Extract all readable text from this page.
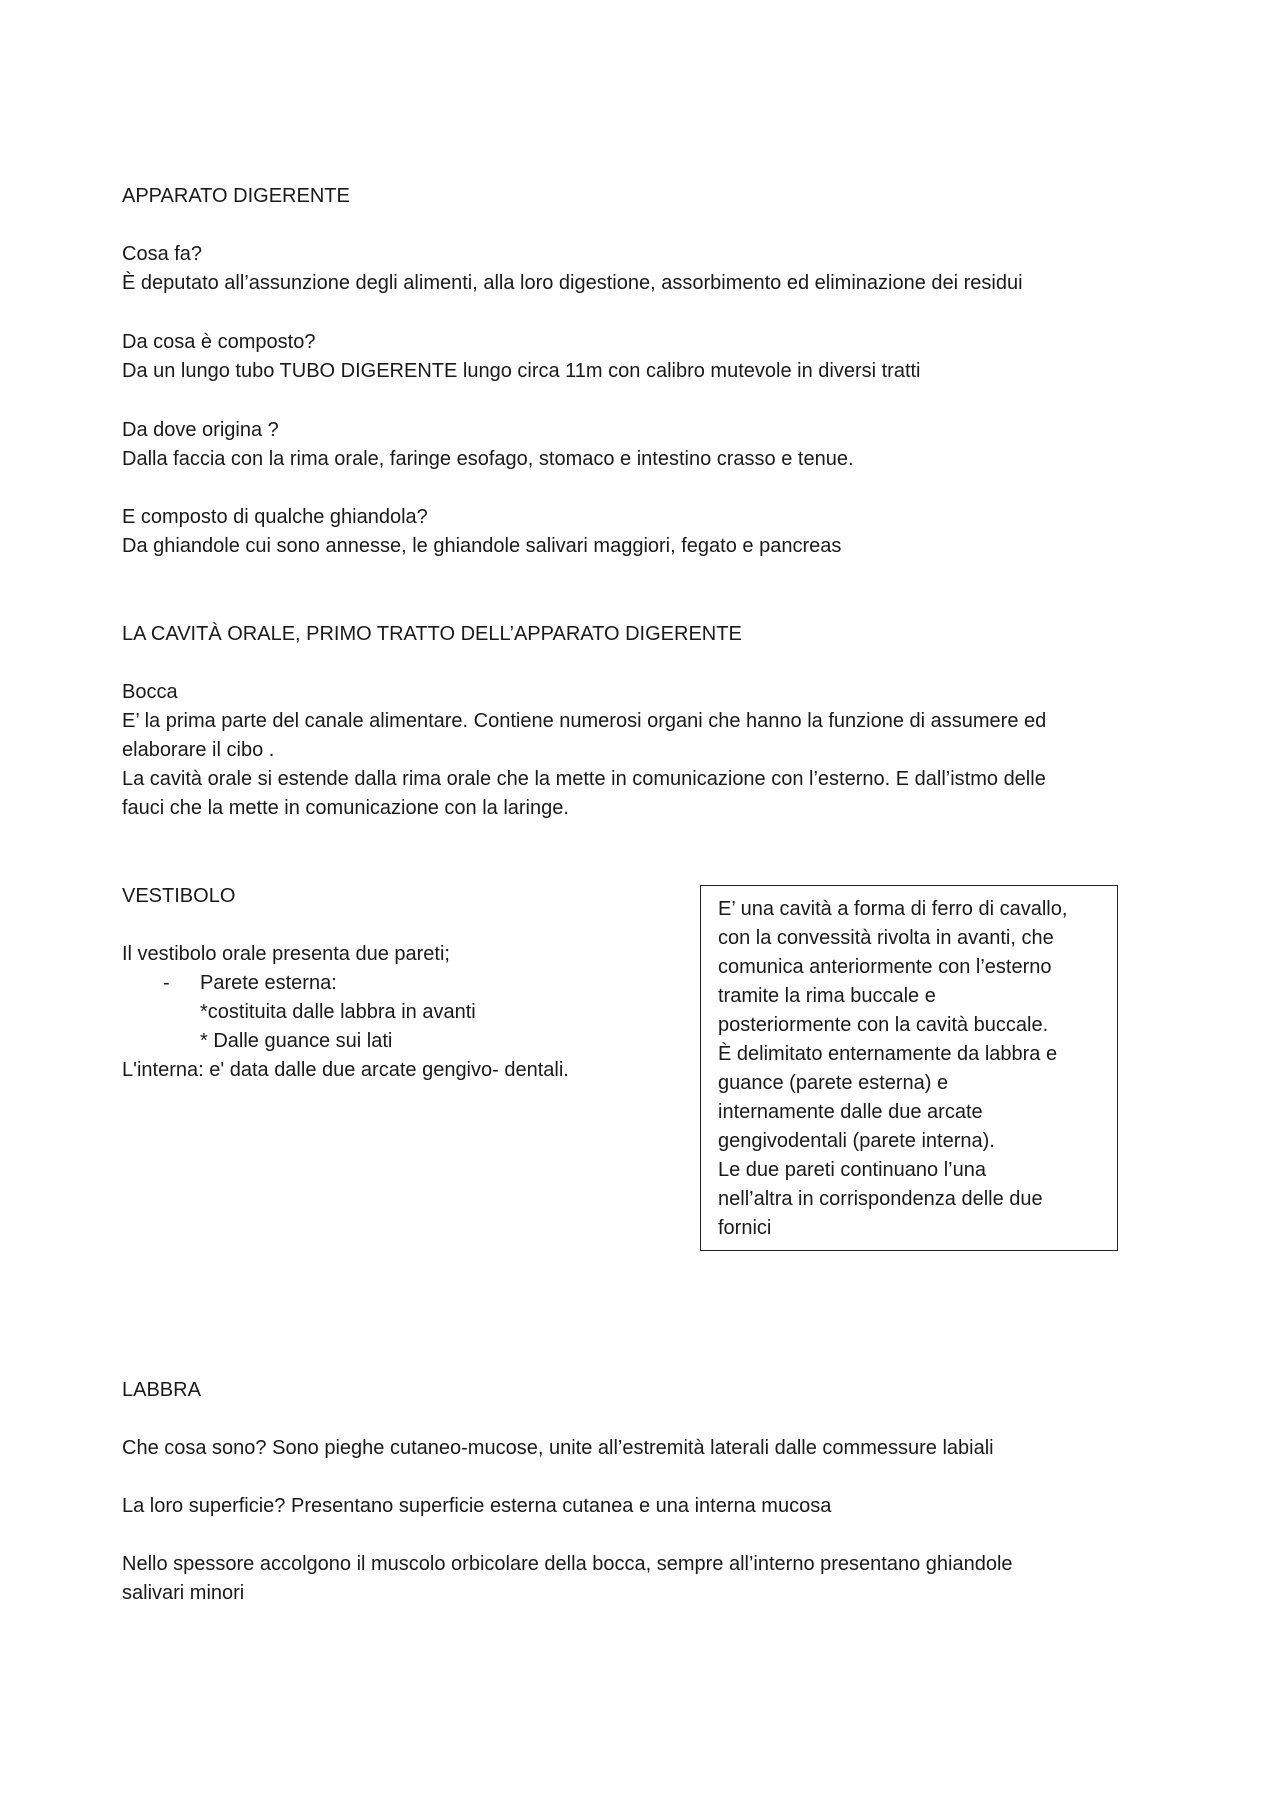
APPARATO DIGERENTE

Cosa fa?

È deputato all’assunzione degli alimenti, alla loro digestione, assorbimento ed eliminazione dei residui

Da cosa è composto?

Da un lungo tubo TUBO DIGERENTE lungo circa 11m con calibro mutevole in diversi tratti

Da dove origina ?

Dalla faccia con la rima orale, faringe esofago, stomaco e intestino crasso e tenue.

E composto di qualche ghiandola?

Da ghiandole cui sono annesse, le ghiandole salivari maggiori, fegato e pancreas

LA CAVITÀ ORALE, PRIMO TRATTO DELL’APPARATO DIGERENTE

Bocca

E’ la prima parte del canale alimentare. Contiene numerosi organi che hanno la funzione di assumere ed

elaborare il cibo .

La cavità orale si estende dalla rima orale che la mette in comunicazione con l’esterno. E dall’istmo delle

fauci che la mette in comunicazione con la laringe.

VESTIBOLO

Il vestibolo orale presenta due pareti;

- Parete esterna:

*costituita dalle labbra in avanti

* Dalle guance sui lati

L'interna: e' data dalle due arcate gengivo- dentali.

E’ una cavità a forma di ferro di cavallo,

con la convessità rivolta in avanti, che

comunica anteriormente con l’esterno

tramite la rima buccale e

posteriormente con la cavità buccale.

È delimitato enternamente da labbra e

guance (parete esterna) e

internamente dalle due arcate

gengivodentali (parete interna).

Le due pareti continuano l’una

nell’altra in corrispondenza delle due

fornici

LABBRA

Che cosa sono? Sono pieghe cutaneo-mucose, unite all’estremità laterali dalle commessure labiali

La loro superficie? Presentano superficie esterna cutanea e una interna mucosa

Nello spessore accolgono il muscolo orbicolare della bocca, sempre all’interno presentano ghiandole

salivari minori
